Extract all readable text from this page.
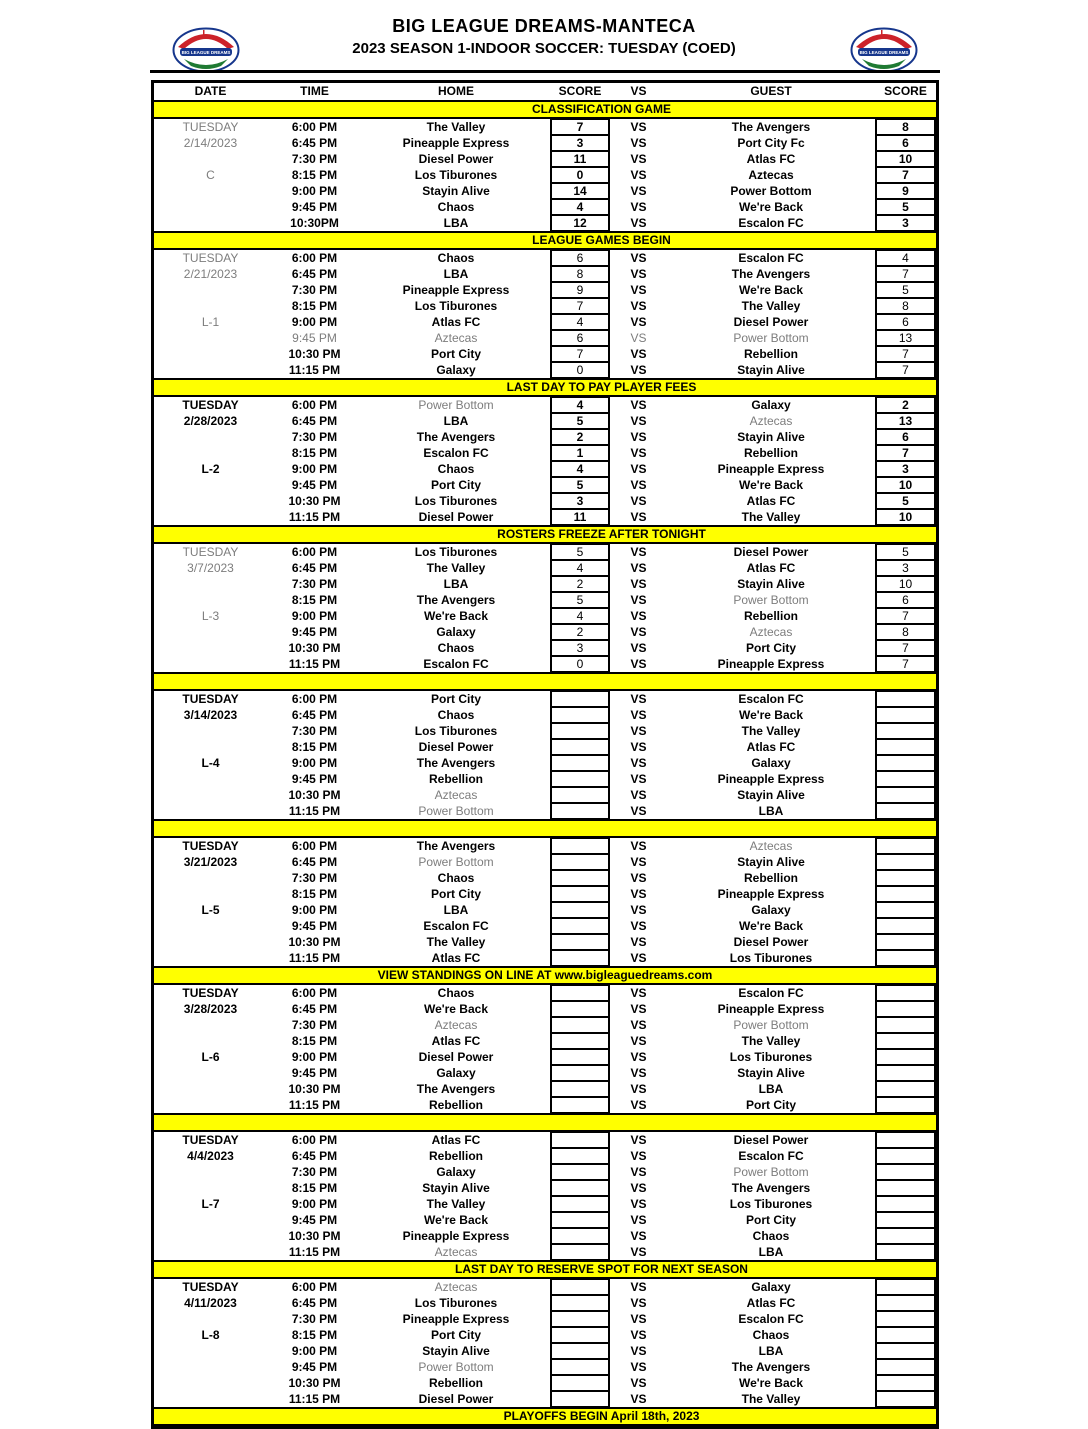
BIG LEAGUE DREAMS-MANTECA
2023 SEASON 1-INDOOR SOCCER: TUESDAY (COED)
BIG LEAGUE DREAMS	BIG LEAGUE DREAMS
DATE	TIME	HOME	SCORE	VS	GUEST	SCORE
CLASSIFICATION GAME
TUESDAY
2/14/2023
C
6:00 PM	The Valley	7	VS	The Avengers	8
6:45 PM	Pineapple Express	3	VS	Port City Fc	6
7:30 PM	Diesel Power	11	VS	Atlas FC	10
8:15 PM	Los Tiburones	0	VS	Aztecas	7
9:00 PM	Stayin Alive	14	VS	Power Bottom	9
9:45 PM	Chaos	4	VS	We're Back	5
10:30PM	LBA	12	VS	Escalon FC	3
LEAGUE GAMES BEGIN
TUESDAY
2/21/2023
L-1
6:00 PM	Chaos	6	VS	Escalon FC	4
6:45 PM	LBA	8	VS	The Avengers	7
7:30 PM	Pineapple Express	9	VS	We're Back	5
8:15 PM	Los Tiburones	7	VS	The Valley	8
9:00 PM	Atlas FC	4	VS	Diesel Power	6
9:45 PM	Aztecas	6	VS	Power Bottom	13
10:30 PM	Port City	7	VS	Rebellion	7
11:15 PM	Galaxy	0	VS	Stayin Alive	7
LAST DAY TO PAY PLAYER FEES
TUESDAY
2/28/2023
L-2
6:00 PM	Power Bottom	4	VS	Galaxy	2
6:45 PM	LBA	5	VS	Aztecas	13
7:30 PM	The Avengers	2	VS	Stayin Alive	6
8:15 PM	Escalon FC	1	VS	Rebellion	7
9:00 PM	Chaos	4	VS	Pineapple Express	3
9:45 PM	Port City	5	VS	We're Back	10
10:30 PM	Los Tiburones	3	VS	Atlas FC	5
11:15 PM	Diesel Power	11	VS	The Valley	10
ROSTERS FREEZE AFTER TONIGHT
TUESDAY
3/7/2023
L-3
6:00 PM	Los Tiburones	5	VS	Diesel Power	5
6:45 PM	The Valley	4	VS	Atlas FC	3
7:30 PM	LBA	2	VS	Stayin Alive	10
8:15 PM	The Avengers	5	VS	Power Bottom	6
9:00 PM	We're Back	4	VS	Rebellion	7
9:45 PM	Galaxy	2	VS	Aztecas	8
10:30 PM	Chaos	3	VS	Port City	7
11:15 PM	Escalon FC	0	VS	Pineapple Express	7
TUESDAY
3/14/2023
L-4
6:00 PM	Port City	VS	Escalon FC
6:45 PM	Chaos	VS	We're Back
7:30 PM	Los Tiburones	VS	The Valley
8:15 PM	Diesel Power	VS	Atlas FC
9:00 PM	The Avengers	VS	Galaxy
9:45 PM	Rebellion	VS	Pineapple Express
10:30 PM	Aztecas	VS	Stayin Alive
11:15 PM	Power Bottom	VS	LBA
TUESDAY
3/21/2023
L-5
6:00 PM	The Avengers	VS	Aztecas
6:45 PM	Power Bottom	VS	Stayin Alive
7:30 PM	Chaos	VS	Rebellion
8:15 PM	Port City	VS	Pineapple Express
9:00 PM	LBA	VS	Galaxy
9:45 PM	Escalon FC	VS	We're Back
10:30 PM	The Valley	VS	Diesel Power
11:15 PM	Atlas FC	VS	Los Tiburones
VIEW STANDINGS ON LINE AT www.bigleaguedreams.com
TUESDAY
3/28/2023
L-6
6:00 PM	Chaos	VS	Escalon FC
6:45 PM	We're Back	VS	Pineapple Express
7:30 PM	Aztecas	VS	Power Bottom
8:15 PM	Atlas FC	VS	The Valley
9:00 PM	Diesel Power	VS	Los Tiburones
9:45 PM	Galaxy	VS	Stayin Alive
10:30 PM	The Avengers	VS	LBA
11:15 PM	Rebellion	VS	Port City
TUESDAY
4/4/2023
L-7
6:00 PM	Atlas FC	VS	Diesel Power
6:45 PM	Rebellion	VS	Escalon FC
7:30 PM	Galaxy	VS	Power Bottom
8:15 PM	Stayin Alive	VS	The Avengers
9:00 PM	The Valley	VS	Los Tiburones
9:45 PM	We're Back	VS	Port City
10:30 PM	Pineapple Express	VS	Chaos
11:15 PM	Aztecas	VS	LBA
LAST DAY TO RESERVE SPOT FOR NEXT SEASON
TUESDAY
4/11/2023
L-8
6:00 PM	Aztecas	VS	Galaxy
6:45 PM	Los Tiburones	VS	Atlas FC
7:30 PM	Pineapple Express	VS	Escalon FC
8:15 PM	Port City	VS	Chaos
9:00 PM	Stayin Alive	VS	LBA
9:45 PM	Power Bottom	VS	The Avengers
10:30 PM	Rebellion	VS	We're Back
11:15 PM	Diesel Power	VS	The Valley
PLAYOFFS BEGIN April 18th, 2023
